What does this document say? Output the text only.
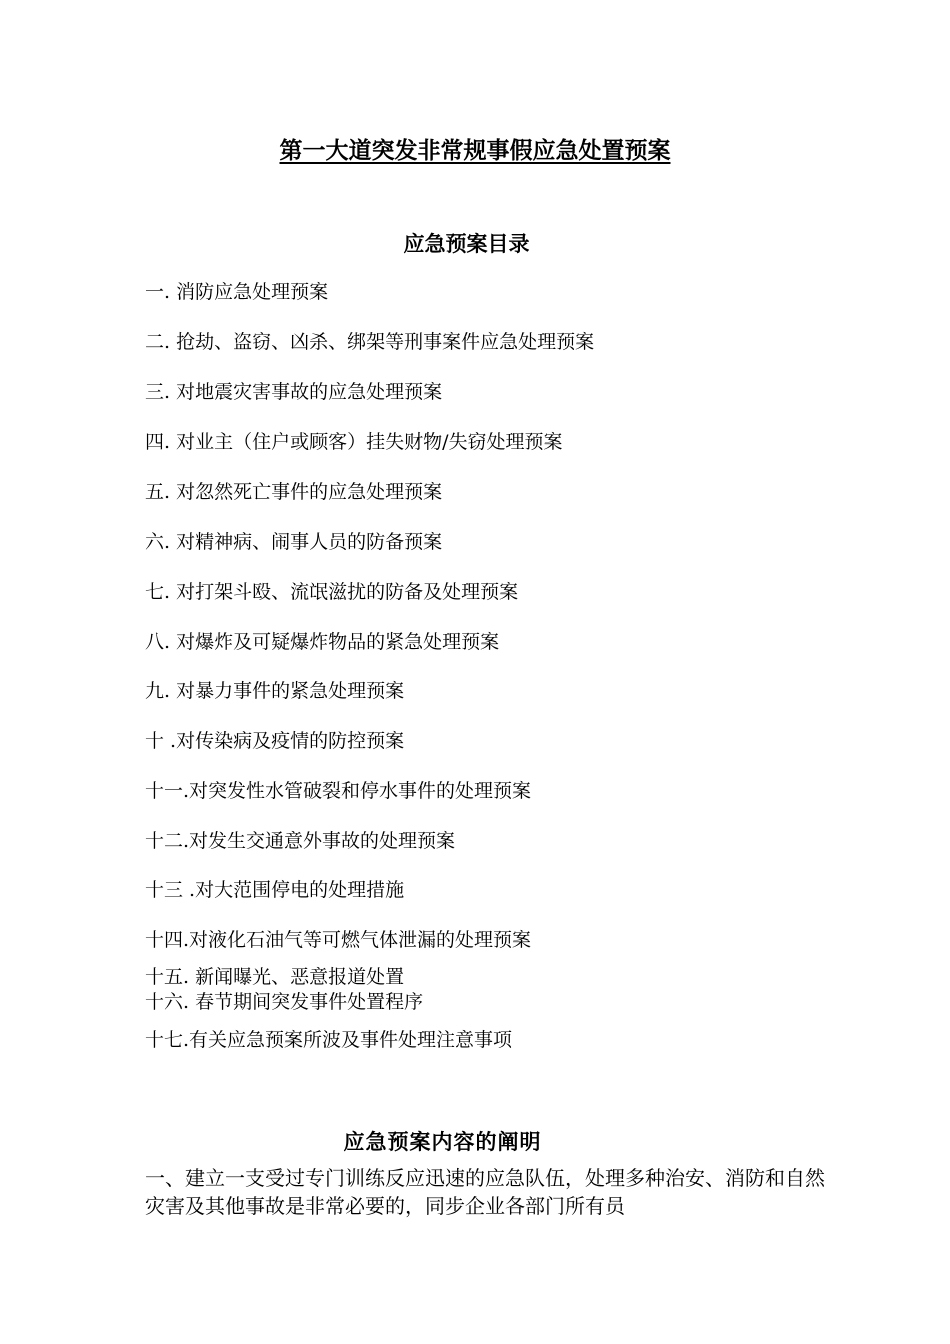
第一大道突发非常规事假应急处置预案
应急预案目录
一. 消防应急处理预案
二. 抢劫、盗窃、凶杀、绑架等刑事案件应急处理预案
三. 对地震灾害事故的应急处理预案
四. 对业主（住户或顾客）挂失财物/失窃处理预案
五. 对忽然死亡事件的应急处理预案
六. 对精神病、闹事人员的防备预案
七. 对打架斗殴、流氓滋扰的防备及处理预案
八. 对爆炸及可疑爆炸物品的紧急处理预案
九. 对暴力事件的紧急处理预案
十 .对传染病及疫情的防控预案
十一.对突发性水管破裂和停水事件的处理预案
十二.对发生交通意外事故的处理预案
十三 .对大范围停电的处理措施
十四.对液化石油气等可燃气体泄漏的处理预案
十五. 新闻曝光、恶意报道处置
十六. 春节期间突发事件处置程序
十七.有关应急预案所波及事件处理注意事项
应急预案内容的阐明

一、建立一支受过专门训练反应迅速的应急队伍，处理多种治安、消防和自然灾害及其他事故是非常必要的，同步企业各部门所有员
